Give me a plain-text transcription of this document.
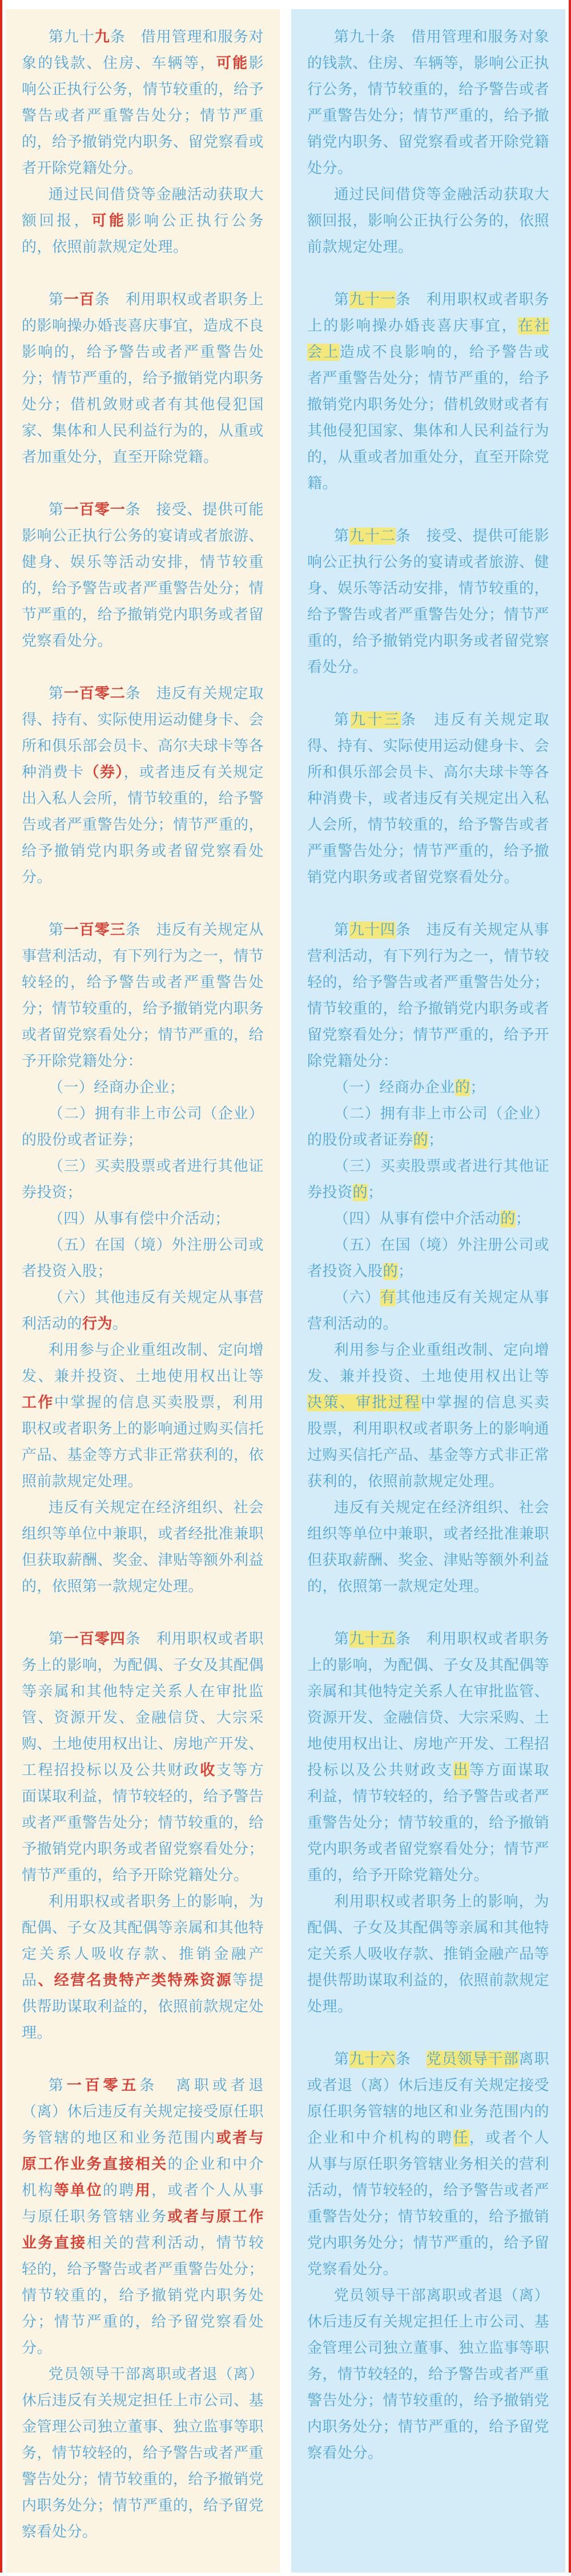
第九十九条　借用管理和服务对象的钱款、住房、车辆等，可能影响公正执行公务，情节较重的，给予警告或者严重警告处分；情节严重的，给予撤销党内职务、留党察看或者开除党籍处分。

通过民间借贷等金融活动获取大额回报，可能影响公正执行公务的，依照前款规定处理。

第一百条　利用职权或者职务上的影响操办婚丧喜庆事宜，造成不良影响的，给予警告或者严重警告处分；情节严重的，给予撤销党内职务处分；借机敛财或者有其他侵犯国家、集体和人民利益行为的，从重或者加重处分，直至开除党籍。

第一百零一条　接受、提供可能影响公正执行公务的宴请或者旅游、健身、娱乐等活动安排，情节较重的，给予警告或者严重警告处分；情节严重的，给予撤销党内职务或者留党察看处分。

第一百零二条　违反有关规定取得、持有、实际使用运动健身卡、会所和俱乐部会员卡、高尔夫球卡等各种消费卡（券），或者违反有关规定出入私人会所，情节较重的，给予警告或者严重警告处分；情节严重的，给予撤销党内职务或者留党察看处分。

第一百零三条　违反有关规定从事营利活动，有下列行为之一，情节较轻的，给予警告或者严重警告处分；情节较重的，给予撤销党内职务或者留党察看处分；情节严重的，给予开除党籍处分：

（一）经商办企业；

（二）拥有非上市公司（企业）的股份或者证券；

（三）买卖股票或者进行其他证券投资；

（四）从事有偿中介活动；

（五）在国（境）外注册公司或者投资入股；

（六）其他违反有关规定从事营利活动的行为。

利用参与企业重组改制、定向增发、兼并投资、土地使用权出让等工作中掌握的信息买卖股票，利用职权或者职务上的影响通过购买信托产品、基金等方式非正常获利的，依照前款规定处理。

违反有关规定在经济组织、社会组织等单位中兼职，或者经批准兼职但获取薪酬、奖金、津贴等额外利益的，依照第一款规定处理。

第一百零四条　利用职权或者职务上的影响，为配偶、子女及其配偶等亲属和其他特定关系人在审批监管、资源开发、金融信贷、大宗采购、土地使用权出让、房地产开发、工程招投标以及公共财政收支等方面谋取利益，情节较轻的，给予警告或者严重警告处分；情节较重的，给予撤销党内职务或者留党察看处分；情节严重的，给予开除党籍处分。

利用职权或者职务上的影响，为配偶、子女及其配偶等亲属和其他特定关系人吸收存款、推销金融产品、经营名贵特产类特殊资源等提供帮助谋取利益的，依照前款规定处理。

第一百零五条　离职或者退（离）休后违反有关规定接受原任职务管辖的地区和业务范围内或者与原工作业务直接相关的企业和中介机构等单位的聘用，或者个人从事与原任职务管辖业务或者与原工作业务直接相关的营利活动，情节较轻的，给予警告或者严重警告处分；情节较重的，给予撤销党内职务处分；情节严重的，给予留党察看处分。

党员领导干部离职或者退（离）休后违反有关规定担任上市公司、基金管理公司独立董事、独立监事等职务，情节较轻的，给予警告或者严重警告处分；情节较重的，给予撤销党内职务处分；情节严重的，给予留党察看处分。

第九十条　借用管理和服务对象的钱款、住房、车辆等，影响公正执行公务，情节较重的，给予警告或者严重警告处分；情节严重的，给予撤销党内职务、留党察看或者开除党籍处分。

通过民间借贷等金融活动获取大额回报，影响公正执行公务的，依照前款规定处理。

第九十一条　利用职权或者职务上的影响操办婚丧喜庆事宜，在社会上造成不良影响的，给予警告或者严重警告处分；情节严重的，给予撤销党内职务处分；借机敛财或者有其他侵犯国家、集体和人民利益行为的，从重或者加重处分，直至开除党籍。

第九十二条　接受、提供可能影响公正执行公务的宴请或者旅游、健身、娱乐等活动安排，情节较重的，给予警告或者严重警告处分；情节严重的，给予撤销党内职务或者留党察看处分。

第九十三条　违反有关规定取得、持有、实际使用运动健身卡、会所和俱乐部会员卡、高尔夫球卡等各种消费卡，或者违反有关规定出入私人会所，情节较重的，给予警告或者严重警告处分；情节严重的，给予撤销党内职务或者留党察看处分。

第九十四条　违反有关规定从事营利活动，有下列行为之一，情节较轻的，给予警告或者严重警告处分；情节较重的，给予撤销党内职务或者留党察看处分；情节严重的，给予开除党籍处分：

（一）经商办企业的；

（二）拥有非上市公司（企业）的股份或者证券的；

（三）买卖股票或者进行其他证券投资的；

（四）从事有偿中介活动的；

（五）在国（境）外注册公司或者投资入股的；

（六）有其他违反有关规定从事营利活动的。

利用参与企业重组改制、定向增发、兼并投资、土地使用权出让等决策、审批过程中掌握的信息买卖股票，利用职权或者职务上的影响通过购买信托产品、基金等方式非正常获利的，依照前款规定处理。

违反有关规定在经济组织、社会组织等单位中兼职，或者经批准兼职但获取薪酬、奖金、津贴等额外利益的，依照第一款规定处理。

第九十五条　利用职权或者职务上的影响，为配偶、子女及其配偶等亲属和其他特定关系人在审批监管、资源开发、金融信贷、大宗采购、土地使用权出让、房地产开发、工程招投标以及公共财政支出等方面谋取利益，情节较轻的，给予警告或者严重警告处分；情节较重的，给予撤销党内职务或者留党察看处分；情节严重的，给予开除党籍处分。

利用职权或者职务上的影响，为配偶、子女及其配偶等亲属和其他特定关系人吸收存款、推销金融产品等提供帮助谋取利益的，依照前款规定处理。

第九十六条　 党员领导干部离职或者退（离）休后违反有关规定接受原任职务管辖的地区和业务范围内的企业和中介机构的聘任，或者个人从事与原任职务管辖业务相关的营利活动，情节较轻的，给予警告或者严重警告处分；情节较重的，给予撤销党内职务处分；情节严重的，给予留党察看处分。

党员领导干部离职或者退（离）休后违反有关规定担任上市公司、基金管理公司独立董事、独立监事等职务，情节较轻的，给予警告或者严重警告处分；情节较重的，给予撤销党内职务处分；情节严重的，给予留党察看处分。
